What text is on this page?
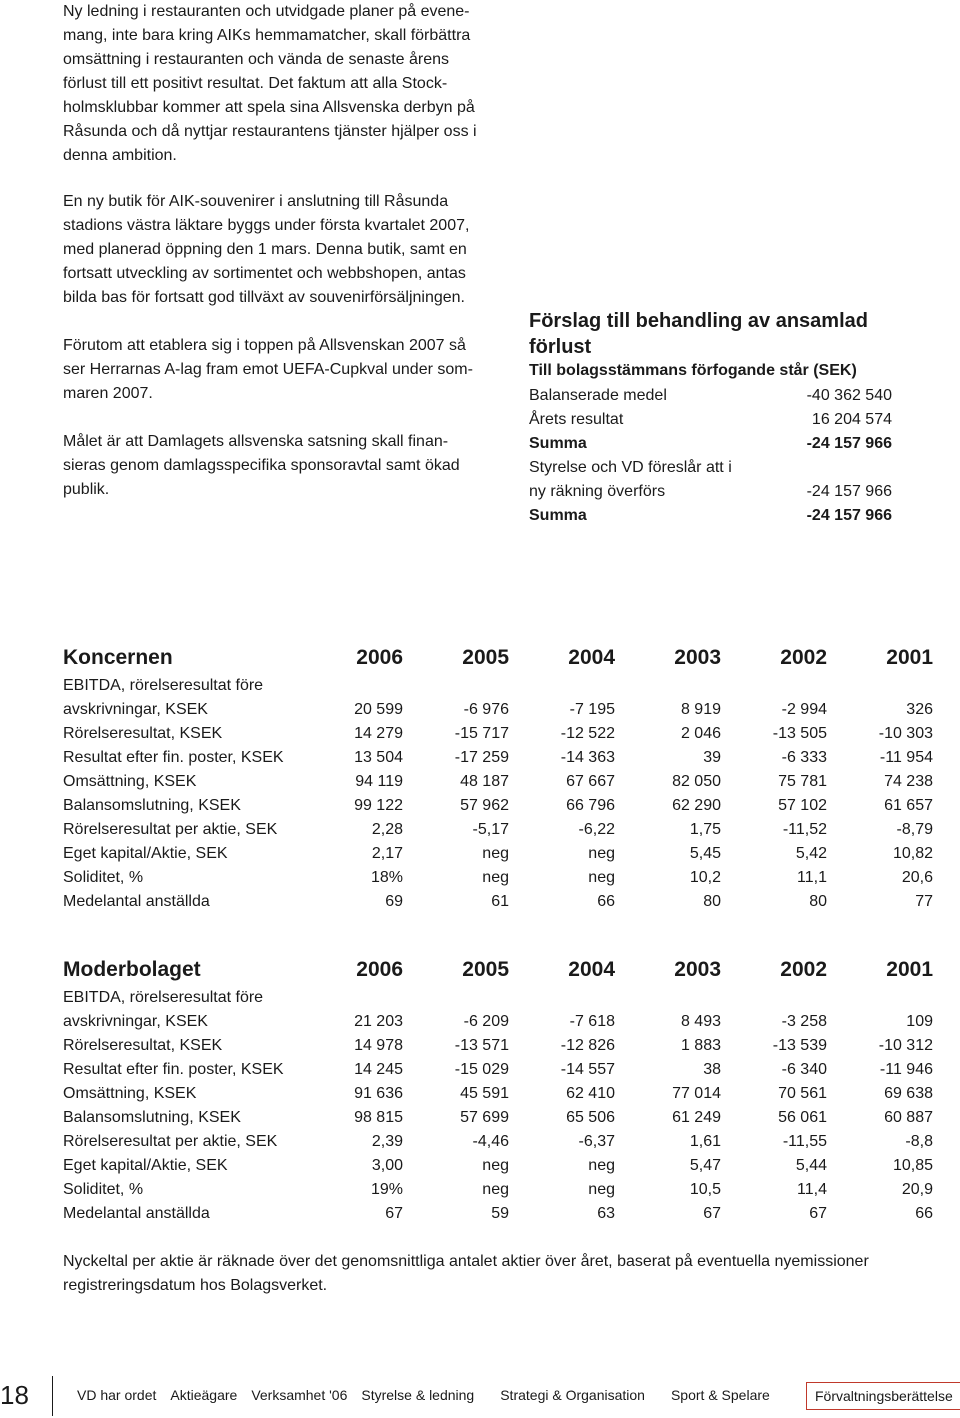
Ny ledning i restauranten och utvidgade planer på evene-
mang, inte bara kring AIKs hemmamatcher, skall förbättra
omsättning i restauranten och vända de senaste årens
förlust till ett positivt resultat. Det faktum att alla Stock-
holmsklubbar kommer att spela sina Allsvenska derbyn på
Råsunda och då nyttjar restaurantens tjänster hjälper oss i
denna ambition.

En ny butik för AIK-souvenirer i anslutning till Råsunda
stadions västra läktare byggs under första kvartalet 2007,
med planerad öppning den 1 mars. Denna butik, samt en
fortsatt utveckling av sortimentet och webbshopen, antas
bilda bas för fortsatt god tillväxt av souvenirförsäljningen.

Förutom att etablera sig i toppen på Allsvenskan 2007 så
ser Herrarnas A-lag fram emot UEFA-Cupkval under som-
maren 2007.

Målet är att Damlagets allsvenska satsning skall finan-
sieras genom damlagsspecifika sponsoravtal samt ökad
publik.

Förslag till behandling av ansamlad förlust

Till bolagsstämmans förfogande står (SEK)

Balanserade medel	-40 362 540
Årets resultat	16 204 574
Summa	-24 157 966
Styrelse och VD föreslår att i
ny räkning överförs	-24 157 966
Summa	-24 157 966
Koncernen	2006	2005	2004	2003	2002	2001
EBITDA, rörelseresultat före						
avskrivningar, KSEK	20 599	-6 976	-7 195	8 919	-2 994	326
Rörelseresultat, KSEK	14 279	-15 717	-12 522	2 046	-13 505	-10 303
Resultat efter fin. poster, KSEK	13 504	-17 259	-14 363	39	-6 333	-11 954
Omsättning, KSEK	94 119	48 187	67 667	82 050	75 781	74 238
Balansomslutning, KSEK	99 122	57 962	66 796	62 290	57 102	61 657
Rörelseresultat per aktie, SEK	2,28	-5,17	-6,22	1,75	-11,52	-8,79
Eget kapital/Aktie, SEK	2,17	neg	neg	5,45	5,42	10,82
Soliditet, %	18%	neg	neg	10,2	11,1	20,6
Medelantal anställda	69	61	66	80	80	77
Moderbolaget	2006	2005	2004	2003	2002	2001
EBITDA, rörelseresultat före						
avskrivningar, KSEK	21 203	-6 209	-7 618	8 493	-3 258	109
Rörelseresultat, KSEK	14 978	-13 571	-12 826	1 883	-13 539	-10 312
Resultat efter fin. poster, KSEK	14 245	-15 029	-14 557	38	-6 340	-11 946
Omsättning, KSEK	91 636	45 591	62 410	77 014	70 561	69 638
Balansomslutning, KSEK	98 815	57 699	65 506	61 249	56 061	60 887
Rörelseresultat per aktie, SEK	2,39	-4,46	-6,37	1,61	-11,55	-8,8
Eget kapital/Aktie, SEK	3,00	neg	neg	5,47	5,44	10,85
Soliditet, %	19%	neg	neg	10,5	11,4	20,9
Medelantal anställda	67	59	63	67	67	66

Nyckeltal per aktie är räknade över det genomsnittliga antalet aktier över året, baserat på eventuella nyemissioner registreringsdatum hos Bolagsverket.

18	VD har ordet Aktieägare Verksamhet '06 Styrelse & ledning Strategi & Organisation Sport & Spelare	Förvaltningsberättelse
